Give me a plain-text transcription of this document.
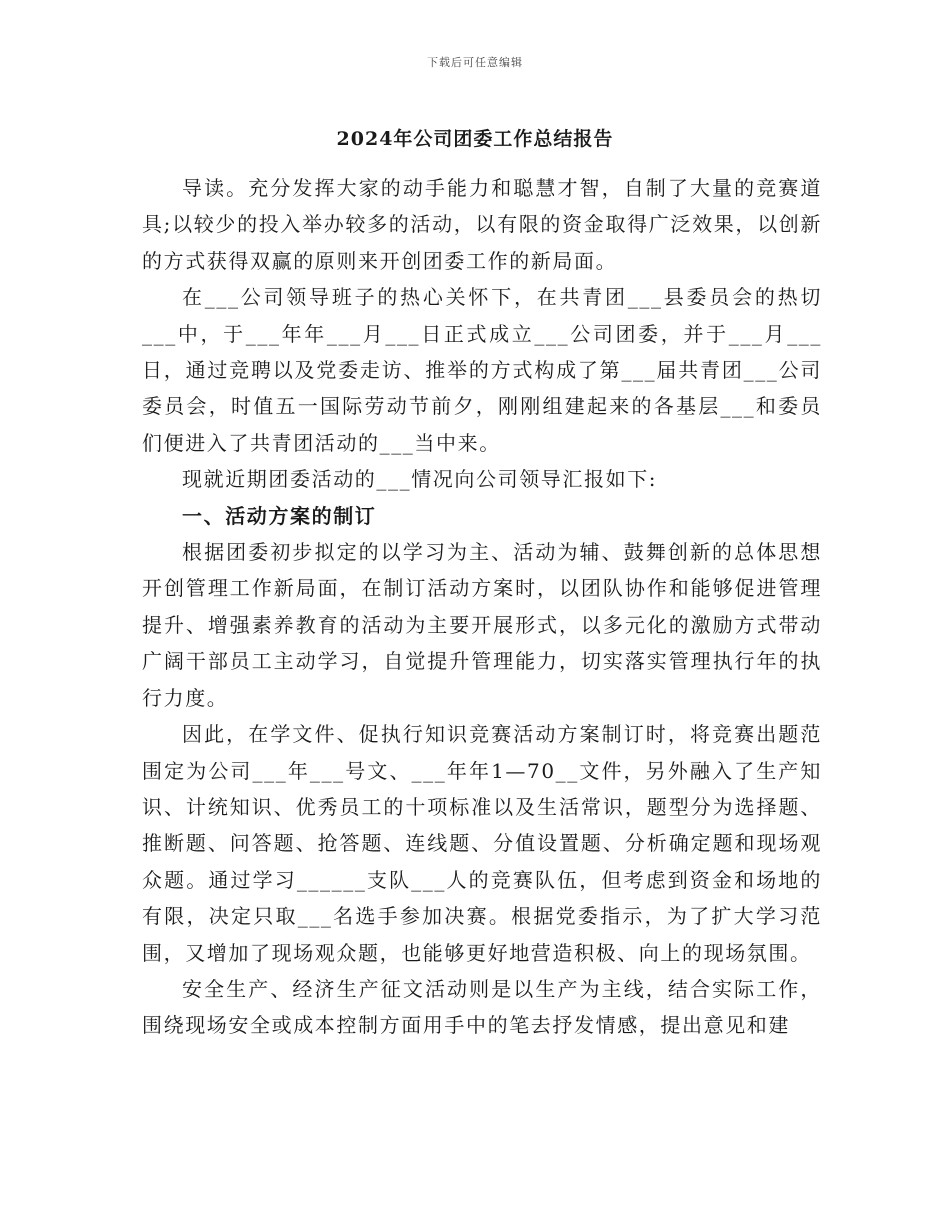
下载后可任意编辑
2024年公司团委工作总结报告

导读。充分发挥大家的动手能力和聪慧才智，自制了大量的竞赛道具;以较少的投入举办较多的活动，以有限的资金取得广泛效果，以创新的方式获得双赢的原则来开创团委工作的新局面。

在___公司领导班子的热心关怀下，在共青团___县委员会的热切___中，于___年年___月___日正式成立___公司团委，并于___月___日，通过竞聘以及党委走访、推举的方式构成了第___届共青团___公司委员会，时值五一国际劳动节前夕，刚刚组建起来的各基层___和委员们便进入了共青团活动的___当中来。

现就近期团委活动的___情况向公司领导汇报如下:

一、活动方案的制订

根据团委初步拟定的以学习为主、活动为辅、鼓舞创新的总体思想开创管理工作新局面，在制订活动方案时，以团队协作和能够促进管理提升、增强素养教育的活动为主要开展形式，以多元化的激励方式带动广阔干部员工主动学习，自觉提升管理能力，切实落实管理执行年的执行力度。

因此，在学文件、促执行知识竞赛活动方案制订时，将竞赛出题范围定为公司___年___号文、___年年1—70__文件，另外融入了生产知识、计统知识、优秀员工的十项标准以及生活常识，题型分为选择题、推断题、问答题、抢答题、连线题、分值设置题、分析确定题和现场观众题。通过学习______支队___人的竞赛队伍，但考虑到资金和场地的有限，决定只取___名选手参加决赛。根据党委指示，为了扩大学习范围，又增加了现场观众题，也能够更好地营造积极、向上的现场氛围。

安全生产、经济生产征文活动则是以生产为主线，结合实际工作，围绕现场安全或成本控制方面用手中的笔去抒发情感，提出意见和建
